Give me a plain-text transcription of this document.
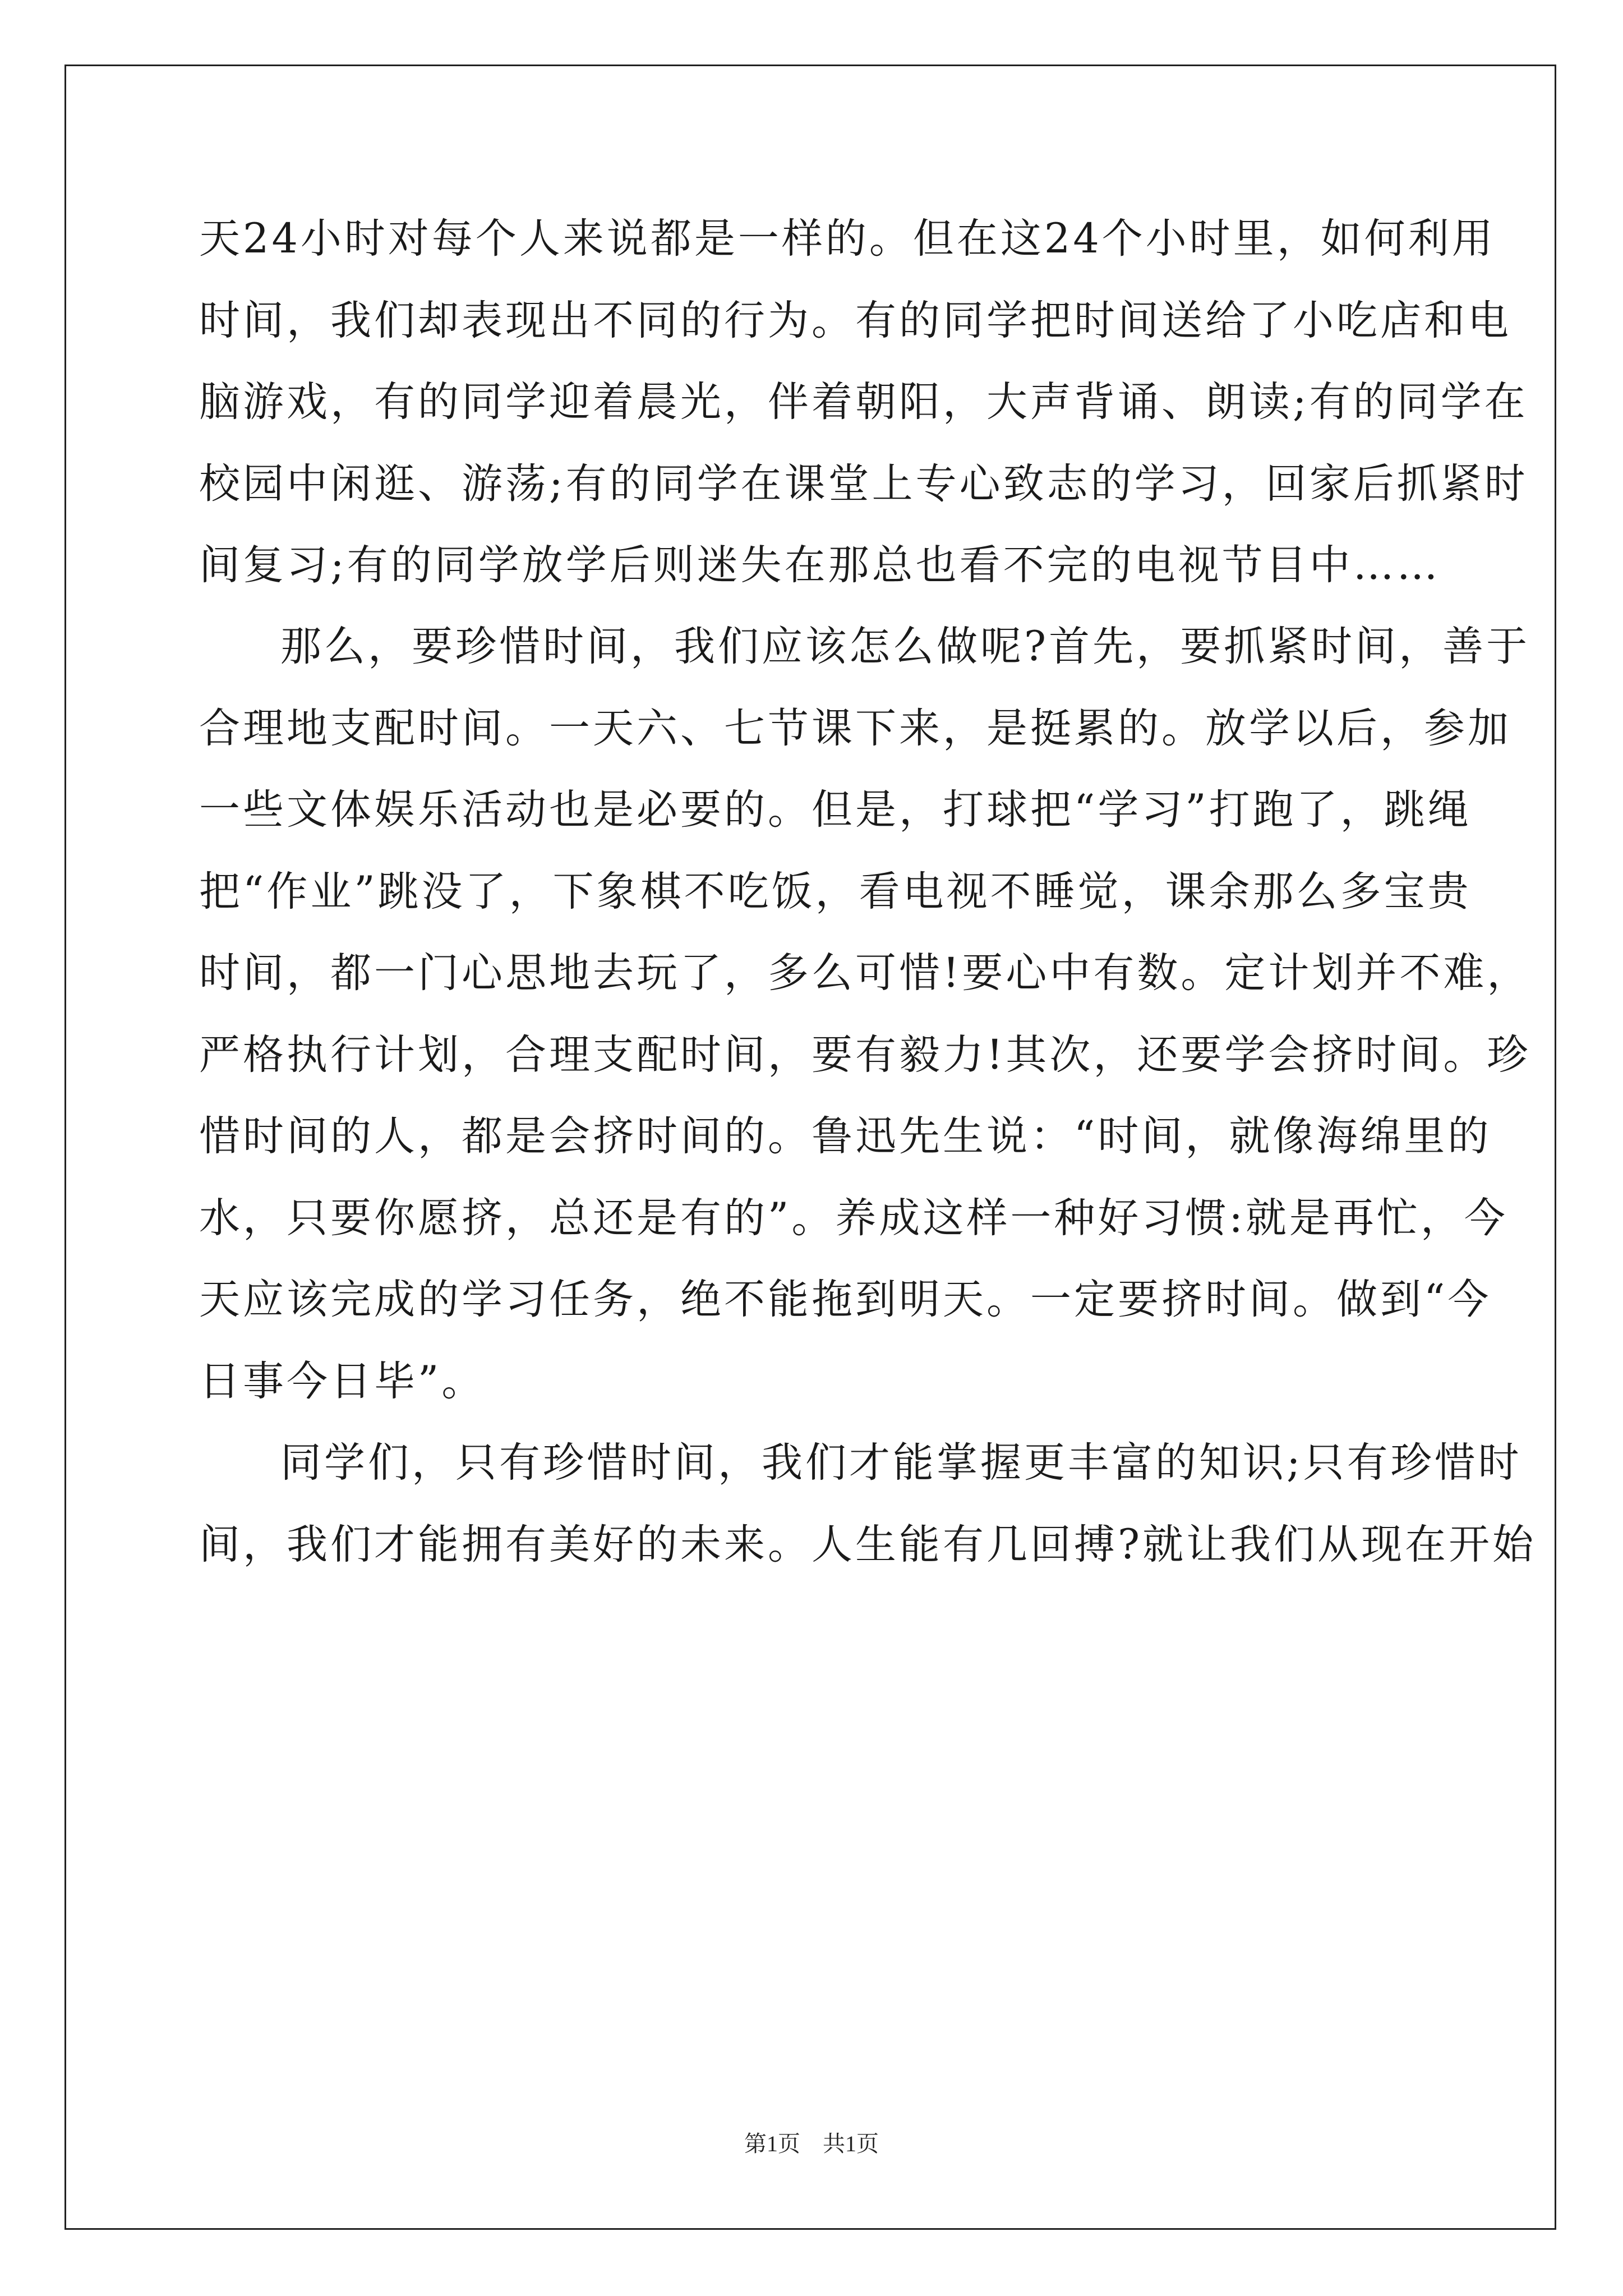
天24小时对每个人来说都是一样的。但在这24个小时里，如何利用
时间，我们却表现出不同的行为。有的同学把时间送给了小吃店和电
脑游戏，有的同学迎着晨光，伴着朝阳，大声背诵、朗读;有的同学在
校园中闲逛、游荡;有的同学在课堂上专心致志的学习，回家后抓紧时
间复习;有的同学放学后则迷失在那总也看不完的电视节目中……
那么，要珍惜时间，我们应该怎么做呢?首先，要抓紧时间，善于
合理地支配时间。一天六、七节课下来，是挺累的。放学以后，参加
一些文体娱乐活动也是必要的。但是，打球把“学习”打跑了，跳绳
把“作业”跳没了，下象棋不吃饭，看电视不睡觉，课余那么多宝贵
时间，都一门心思地去玩了，多么可惜!要心中有数。定计划并不难，
严格执行计划，合理支配时间，要有毅力!其次，还要学会挤时间。珍
惜时间的人，都是会挤时间的。鲁迅先生说：“时间，就像海绵里的
水，只要你愿挤，总还是有的”。养成这样一种好习惯:就是再忙，今
天应该完成的学习任务，绝不能拖到明天。一定要挤时间。做到“今
日事今日毕”。
同学们，只有珍惜时间，我们才能掌握更丰富的知识;只有珍惜时
间，我们才能拥有美好的未来。人生能有几回搏?就让我们从现在开始
第1页　共1页
